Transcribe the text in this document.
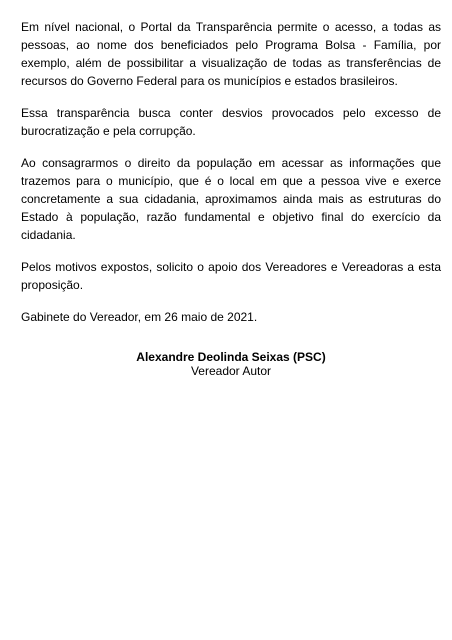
Em nível nacional, o Portal da Transparência permite o acesso, a todas as pessoas, ao nome dos beneficiados pelo Programa Bolsa - Família, por exemplo, além de possibilitar a visualização de todas as transferências de recursos do Governo Federal para os municípios e estados brasileiros.

Essa transparência busca conter desvios provocados pelo excesso de burocratização e pela corrupção.

Ao consagrarmos o direito da população em acessar as informações que trazemos para o município, que é o local em que a pessoa vive e exerce concretamente a sua cidadania, aproximamos ainda mais as estruturas do Estado à população, razão fundamental e objetivo final do exercício da cidadania.

Pelos motivos expostos, solicito o apoio dos Vereadores e Vereadoras a esta proposição.

Gabinete do Vereador, em 26 maio de 2021.

Alexandre Deolinda Seixas (PSC)
Vereador Autor
